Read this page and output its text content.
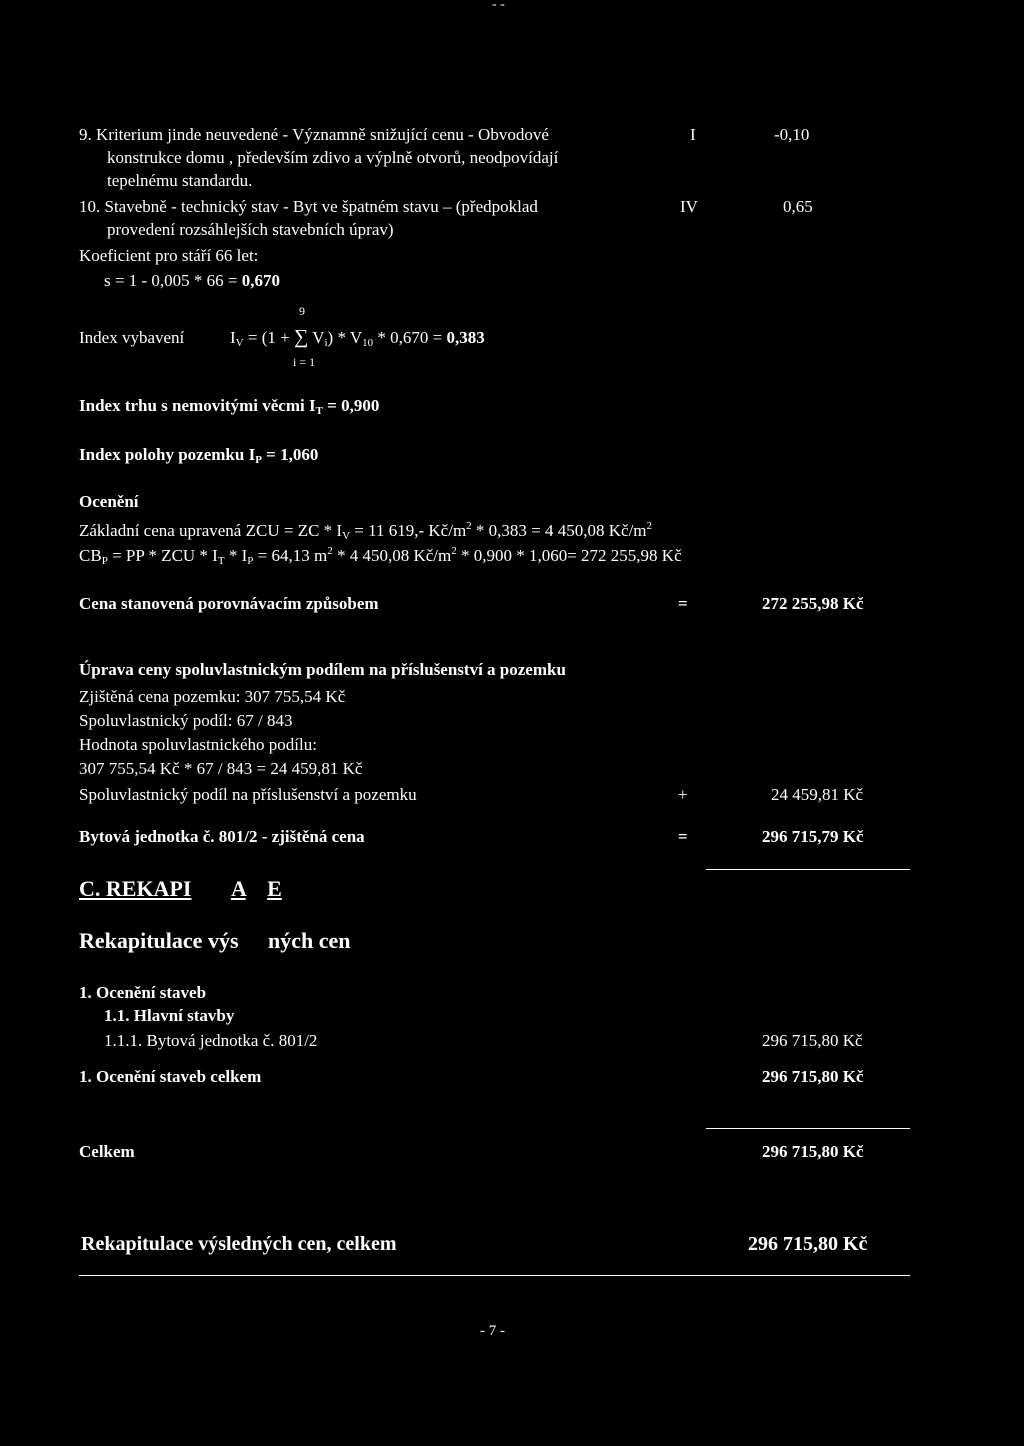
- -
9. Kriterium jinde neuvedené - Významně snižující cenu - Obvodové
konstrukce domu , především zdivo a výplně otvorů, neodpovídají
tepelnému standardu.
I	-0,10
10. Stavebně - technický stav - Byt ve špatném stavu – (předpoklad
provedení rozsáhlejších stavebních úprav)
IV	0,65
Koeficient pro stáří 66 let:
s = 1 - 0,005 * 66 = 0,670
9
Index vybavení	$I_V = (1$ + ∑ $V_i) * V_{10} * 0,670 = 0,383$
i = 1
Index trhu s nemovitými věcmi $I_T = 0,900$
Index polohy pozemku $I_P = 1,060$
Ocenění
Základní cena upravená ZCU = ZC * $I_V = 11$ 619,- $Kč/m^2 * 0,383 = 4$ 450,08 $Kč/m^2$
$CB_P$ = PP * ZCU * $I_T * I_P = 64,13$ $m^2 * 4$ 450,08 $Kč/m^2 * 0,900 * 1,060= 272$ 255,98 Kč
Cena stanovená porovnávacím způsobem	=	272 255,98 Kč
Úprava ceny spoluvlastnickým podílem na příslušenství a pozemku
Zjištěná cena pozemku: 307 755,54 Kč
Spoluvlastnický podíl: 67 / 843
Hodnota spoluvlastnického podílu:
307 755,54 Kč * 67 / 843 = 24 459,81 Kč
Spoluvlastnický podíl na příslušenství a pozemku	+	24 459,81 Kč
Bytová jednotka č. 801/2 - zjištěná cena	=	296 715,79 Kč
C. REKAPI A E
Rekapitulace výs ných cen
1. Ocenění staveb
1.1. Hlavní stavby
1.1.1. Bytová jednotka č. 801/2	296 715,80 Kč
1. Ocenění staveb celkem	296 715,80 Kč
Celkem	296 715,80 Kč
Rekapitulace výsledných cen, celkem	296 715,80 Kč
- 7 -
